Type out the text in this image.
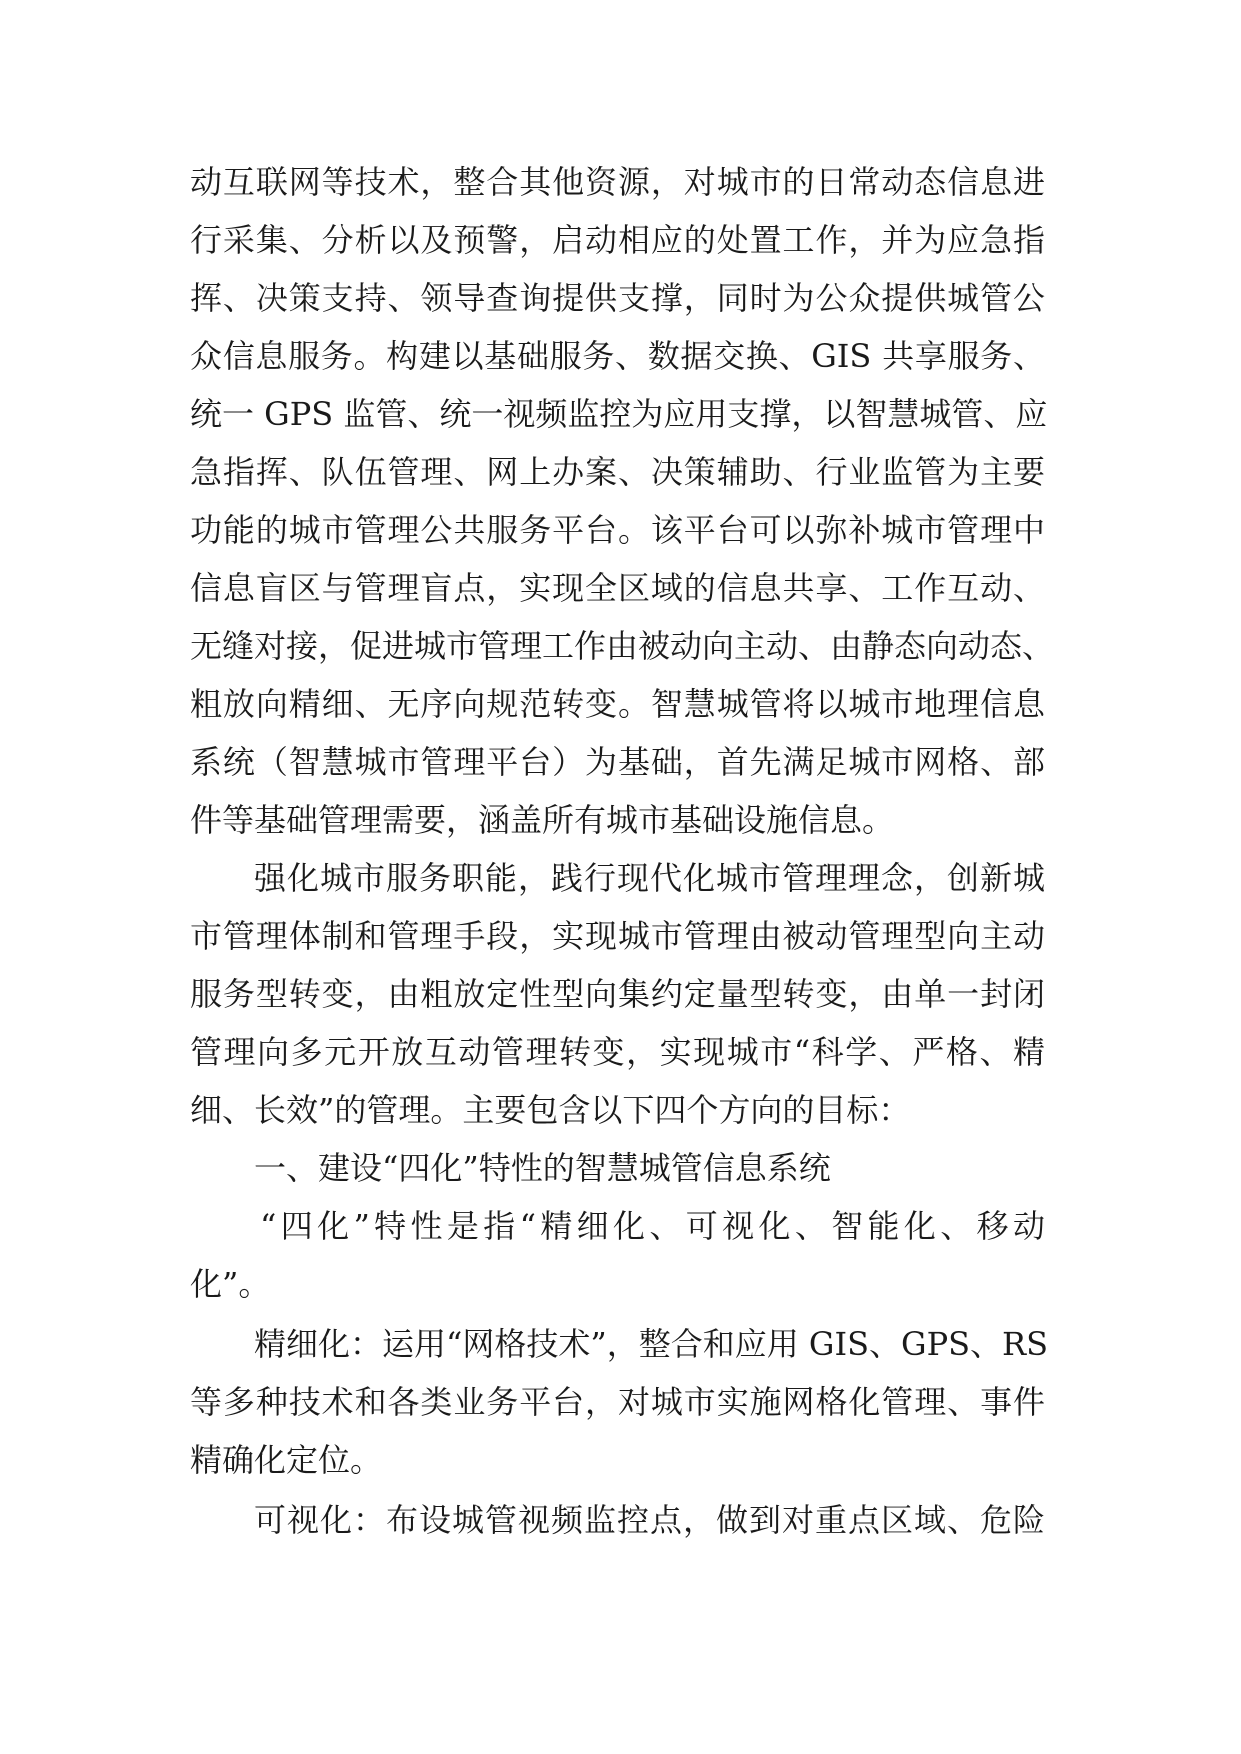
动互联网等技术，整合其他资源，对城市的日常动态信息进
行采集、分析以及预警，启动相应的处置工作，并为应急指
挥、决策支持、领导查询提供支撑，同时为公众提供城管公
众信息服务。构建以基础服务、数据交换、GIS 共享服务、
统一 GPS 监管、统一视频监控为应用支撑，以智慧城管、应
急指挥、队伍管理、网上办案、决策辅助、行业监管为主要
功能的城市管理公共服务平台。该平台可以弥补城市管理中
信息盲区与管理盲点，实现全区域的信息共享、工作互动、
无缝对接，促进城市管理工作由被动向主动、由静态向动态、
粗放向精细、无序向规范转变。智慧城管将以城市地理信息
系统（智慧城市管理平台）为基础，首先满足城市网格、部
件等基础管理需要，涵盖所有城市基础设施信息。
强化城市服务职能，践行现代化城市管理理念，创新城
市管理体制和管理手段，实现城市管理由被动管理型向主动
服务型转变，由粗放定性型向集约定量型转变，由单一封闭
管理向多元开放互动管理转变，实现城市“科学、严格、精
细、长效”的管理。主要包含以下四个方向的目标：
一、建设“四化”特性的智慧城管信息系统
“四化”特性是指“精细化、可视化、智能化、移动
化”。
精细化：运用“网格技术”，整合和应用 GIS、GPS、RS
等多种技术和各类业务平台，对城市实施网格化管理、事件
精确化定位。
可视化：布设城管视频监控点，做到对重点区域、危险
